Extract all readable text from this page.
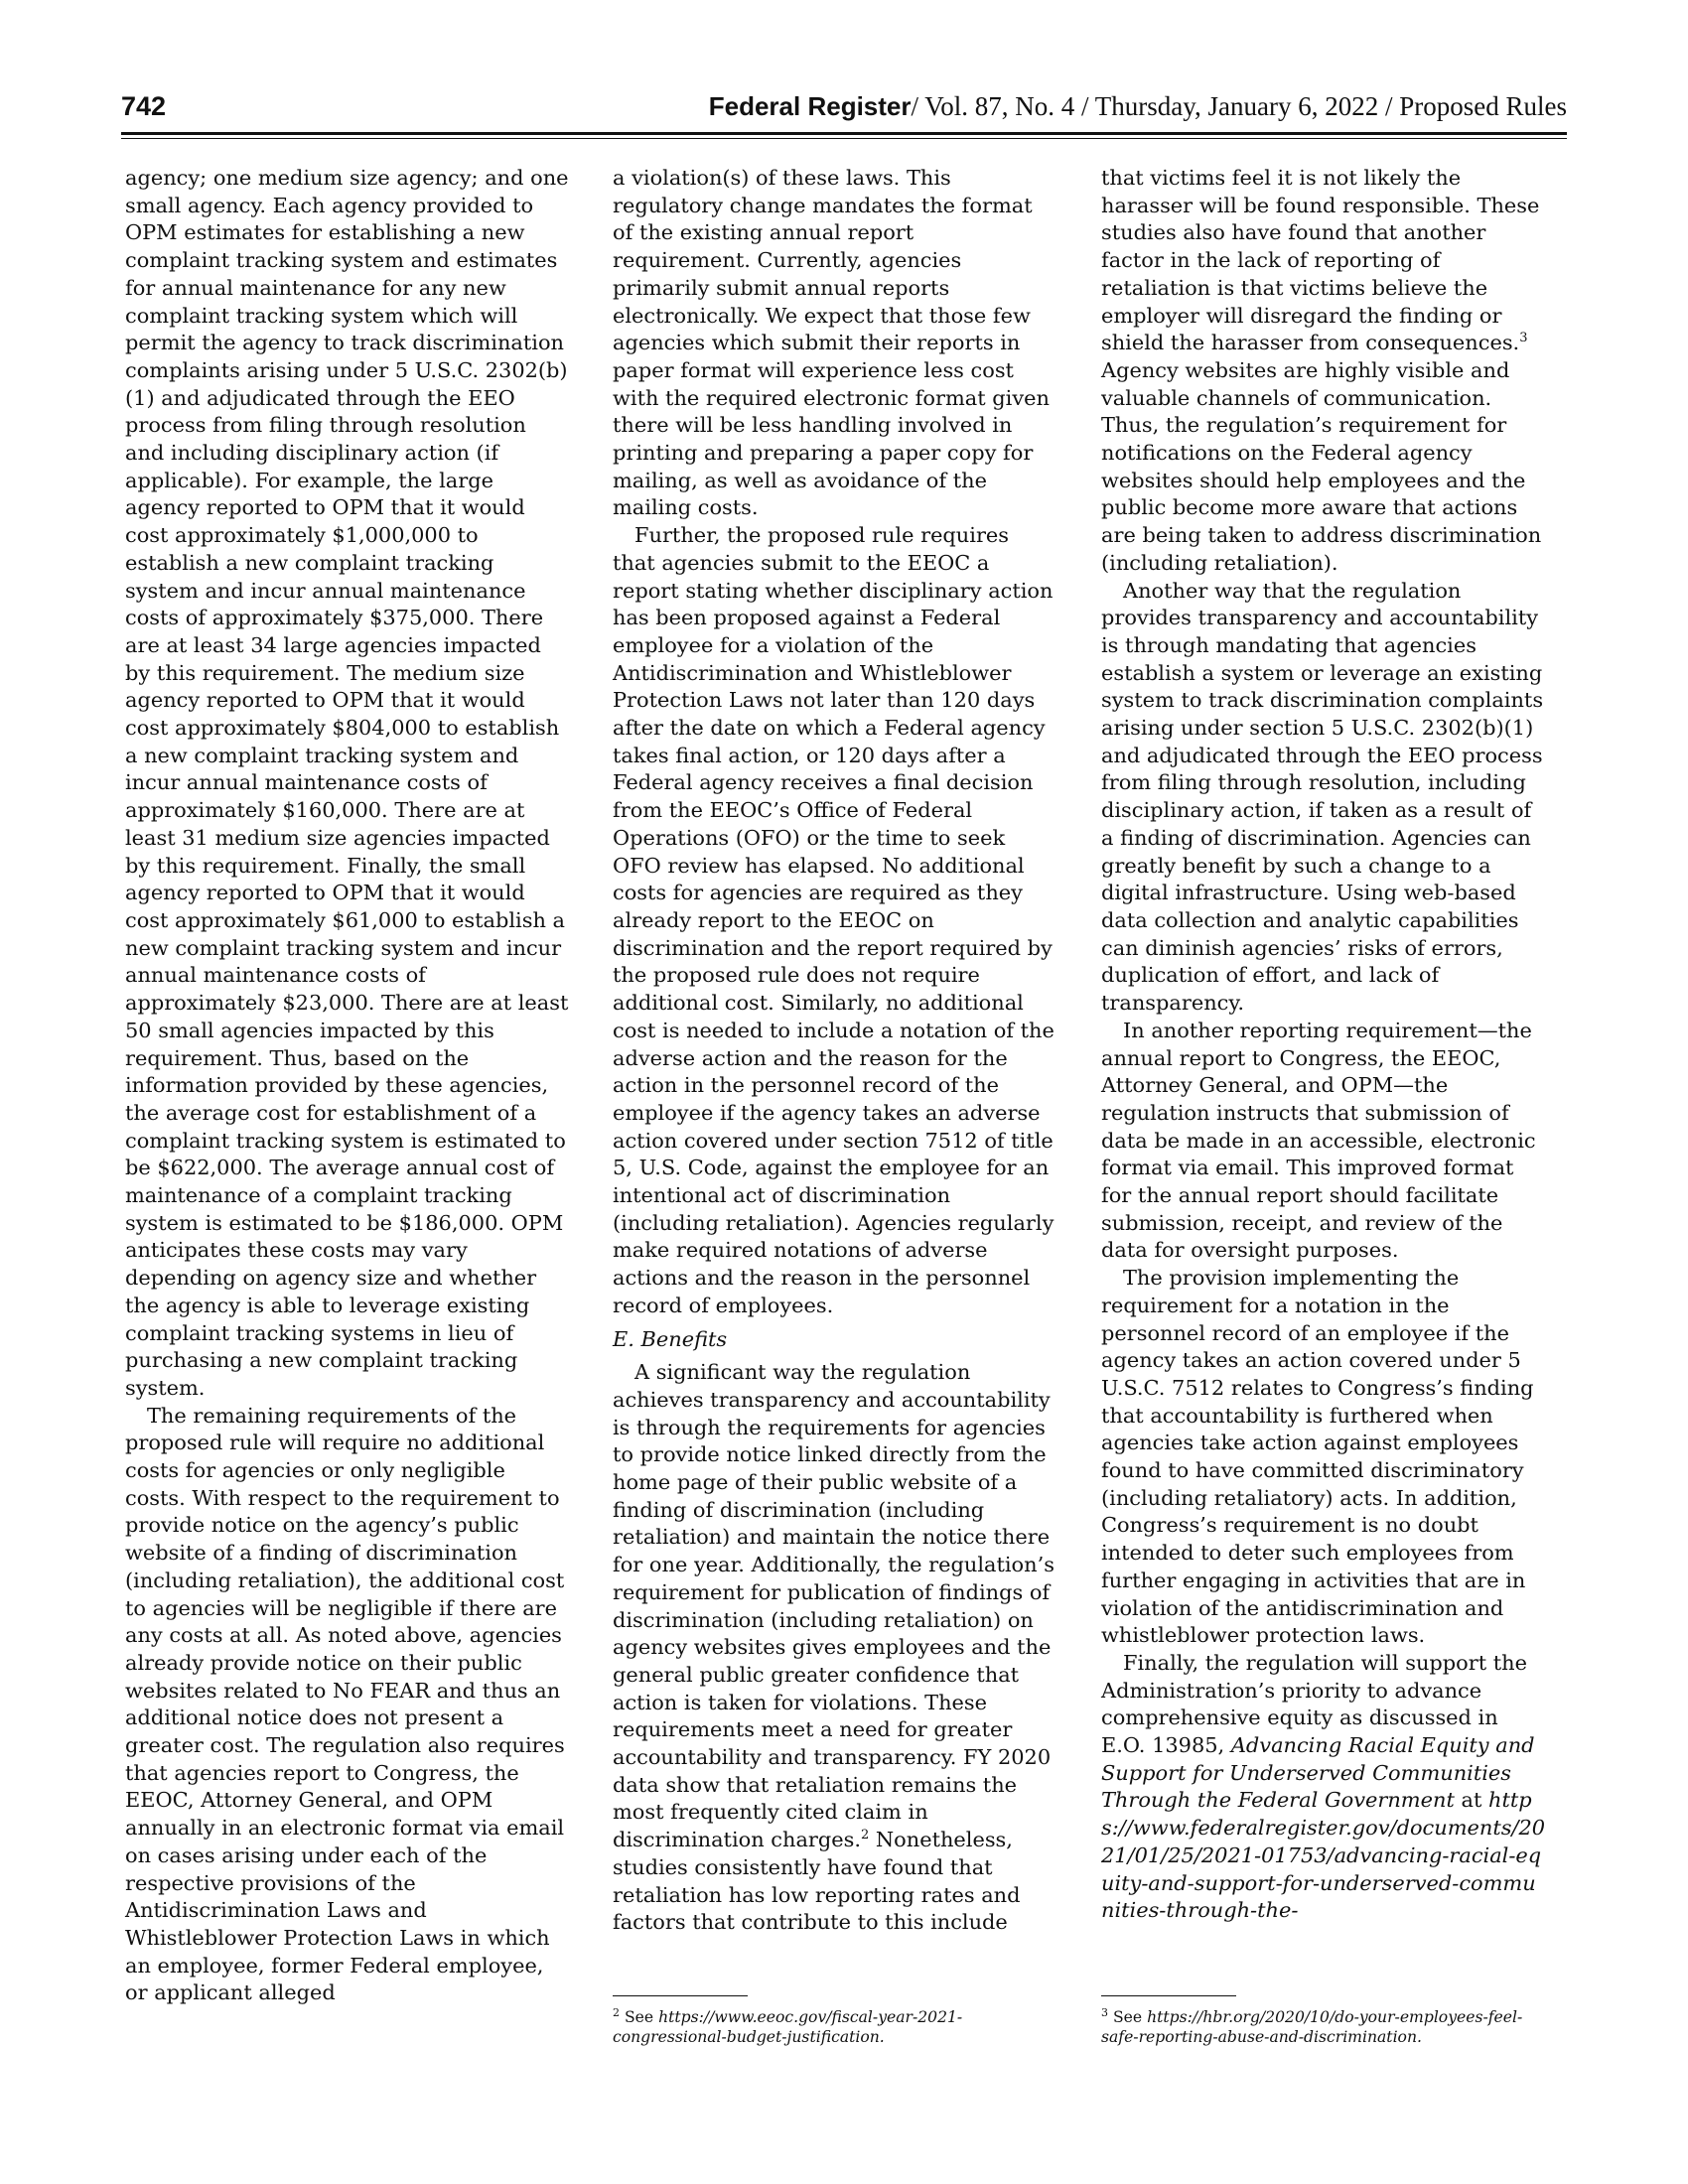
742	Federal Register/ Vol. 87, No. 4 / Thursday, January 6, 2022 / Proposed Rules

agency; one medium size agency; and one small agency. Each agency provided to OPM estimates for establishing a new complaint tracking system and estimates for annual maintenance for any new complaint tracking system which will permit the agency to track discrimination complaints arising under 5 U.S.C. 2302(b)(1) and adjudicated through the EEO process from filing through resolution and including disciplinary action (if applicable). For example, the large agency reported to OPM that it would cost approximately $1,000,000 to establish a new complaint tracking system and incur annual maintenance costs of approximately $375,000. There are at least 34 large agencies impacted by this requirement. The medium size agency reported to OPM that it would cost approximately $804,000 to establish a new complaint tracking system and incur annual maintenance costs of approximately $160,000. There are at least 31 medium size agencies impacted by this requirement. Finally, the small agency reported to OPM that it would cost approximately $61,000 to establish a new complaint tracking system and incur annual maintenance costs of approximately $23,000. There are at least 50 small agencies impacted by this requirement. Thus, based on the information provided by these agencies, the average cost for establishment of a complaint tracking system is estimated to be $622,000. The average annual cost of maintenance of a complaint tracking system is estimated to be $186,000. OPM anticipates these costs may vary depending on agency size and whether the agency is able to leverage existing complaint tracking systems in lieu of purchasing a new complaint tracking system.

The remaining requirements of the proposed rule will require no additional costs for agencies or only negligible costs. With respect to the requirement to provide notice on the agency’s public website of a finding of discrimination (including retaliation), the additional cost to agencies will be negligible if there are any costs at all. As noted above, agencies already provide notice on their public websites related to No FEAR and thus an additional notice does not present a greater cost. The regulation also requires that agencies report to Congress, the EEOC, Attorney General, and OPM annually in an electronic format via email on cases arising under each of the respective provisions of the Antidiscrimination Laws and Whistleblower Protection Laws in which an employee, former Federal employee, or applicant alleged

a violation(s) of these laws. This regulatory change mandates the format of the existing annual report requirement. Currently, agencies primarily submit annual reports electronically. We expect that those few agencies which submit their reports in paper format will experience less cost with the required electronic format given there will be less handling involved in printing and preparing a paper copy for mailing, as well as avoidance of the mailing costs.

Further, the proposed rule requires that agencies submit to the EEOC a report stating whether disciplinary action has been proposed against a Federal employee for a violation of the Antidiscrimination and Whistleblower Protection Laws not later than 120 days after the date on which a Federal agency takes final action, or 120 days after a Federal agency receives a final decision from the EEOC’s Office of Federal Operations (OFO) or the time to seek OFO review has elapsed. No additional costs for agencies are required as they already report to the EEOC on discrimination and the report required by the proposed rule does not require additional cost. Similarly, no additional cost is needed to include a notation of the adverse action and the reason for the action in the personnel record of the employee if the agency takes an adverse action covered under section 7512 of title 5, U.S. Code, against the employee for an intentional act of discrimination (including retaliation). Agencies regularly make required notations of adverse actions and the reason in the personnel record of employees.

E. Benefits

A significant way the regulation achieves transparency and accountability is through the requirements for agencies to provide notice linked directly from the home page of their public website of a finding of discrimination (including retaliation) and maintain the notice there for one year. Additionally, the regulation’s requirement for publication of findings of discrimination (including retaliation) on agency websites gives employees and the general public greater confidence that action is taken for violations. These requirements meet a need for greater accountability and transparency. FY 2020 data show that retaliation remains the most frequently cited claim in discrimination charges.$^2$ Nonetheless, studies consistently have found that retaliation has low reporting rates and factors that contribute to this include

that victims feel it is not likely the harasser will be found responsible. These studies also have found that another factor in the lack of reporting of retaliation is that victims believe the employer will disregard the finding or shield the harasser from consequences.$^3$ Agency websites are highly visible and valuable channels of communication. Thus, the regulation’s requirement for notifications on the Federal agency websites should help employees and the public become more aware that actions are being taken to address discrimination (including retaliation).

Another way that the regulation provides transparency and accountability is through mandating that agencies establish a system or leverage an existing system to track discrimination complaints arising under section 5 U.S.C. 2302(b)(1) and adjudicated through the EEO process from filing through resolution, including disciplinary action, if taken as a result of a finding of discrimination. Agencies can greatly benefit by such a change to a digital infrastructure. Using web-based data collection and analytic capabilities can diminish agencies’ risks of errors, duplication of effort, and lack of transparency.

In another reporting requirement—the annual report to Congress, the EEOC, Attorney General, and OPM—the regulation instructs that submission of data be made in an accessible, electronic format via email. This improved format for the annual report should facilitate submission, receipt, and review of the data for oversight purposes.

The provision implementing the requirement for a notation in the personnel record of an employee if the agency takes an action covered under 5 U.S.C. 7512 relates to Congress’s finding that accountability is furthered when agencies take action against employees found to have committed discriminatory (including retaliatory) acts. In addition, Congress’s requirement is no doubt intended to deter such employees from further engaging in activities that are in violation of the antidiscrimination and whistleblower protection laws.

Finally, the regulation will support the Administration’s priority to advance comprehensive equity as discussed in E.O. 13985, Advancing Racial Equity and Support for Underserved Communities Through the Federal Government at https://www.federalregister.gov/documents/2021/01/25/2021-01753/advancing-racial-equity-and-support-for-underserved-communities-through-the-

$^2$ See https://www.eeoc.gov/fiscal-year-2021-congressional-budget-justification.
$^3$ See https://hbr.org/2020/10/do-your-employees-feel-safe-reporting-abuse-and-discrimination.
